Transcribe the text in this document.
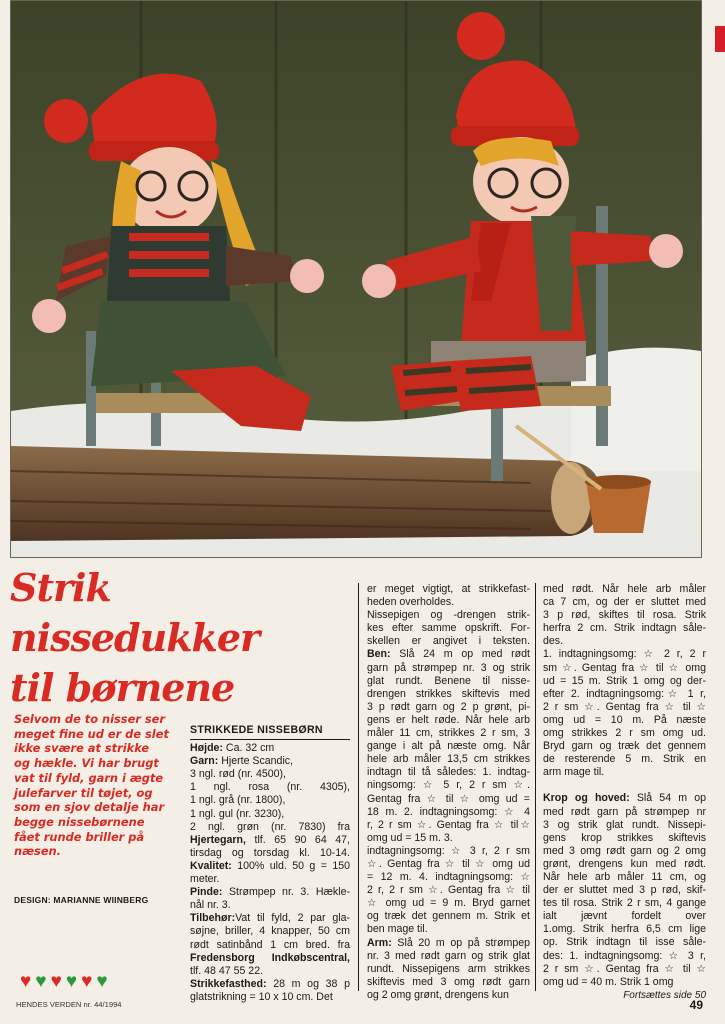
Strik nissedukker
til børnene

Selvom de to nisser ser
meget fine ud er de slet
ikke svære at strikke
og hækle. Vi har brugt
vat til fyld, garn i ægte
julefarver til tøjet, og
som en sjov detalje har
begge nissebørnene
fået runde briller på
næsen.

DESIGN: MARIANNE WIINBERG

♥ ♥ ♥ ♥ ♥ ♥
STRIKKEDE NISSEBØRN
Højde: Ca. 32 cm
Garn: Hjerte Scandic,
3 ngl. rød (nr. 4500),
1 ngl. rosa (nr. 4305),
1 ngl. grå (nr. 1800),
1 ngl. gul (nr. 3230),
2 ngl. grøn (nr. 7830) fra
Hjertegarn, tlf. 65 90 64 47,
tirsdag og torsdag kl. 10-14.
Kvalitet: 100% uld. 50 g = 150
meter.
Pinde: Strømpep nr. 3. Hækle-
nål nr. 3.
Tilbehør:Vat til fyld, 2 par gla-
søjne, briller, 4 knapper, 50 cm
rødt satinbånd 1 cm bred. fra
Fredensborg Indkøbscentral,
tlf. 48 47 55 22.
Strikkefasthed: 28 m og 38 p
glatstrikning = 10 x 10 cm. Det
er meget vigtigt, at strikkefast-
heden overholdes.
Nissepigen og -drengen strik-
kes efter samme opskrift. For-
skellen er angivet i teksten.
Ben: Slå 24 m op med rødt
garn på strømpep nr. 3 og strik
glat rundt. Benene til nisse-
drengen strikkes skiftevis med
3 p rødt garn og 2 p grønt, pi-
gens er helt røde. Når hele arb
måler 11 cm, strikkes 2 r sm, 3
gange i alt på næste omg. Når
hele arb måler 13,5 cm strikkes
indtagn til tå således: 1. indtag-
ningsomg: ☆ 5 r, 2 r sm ☆.
Gentag fra ☆ til ☆ omg ud =
18 m. 2. indtagningsomg: ☆ 4
r, 2 r sm ☆. Gentag fra ☆ til☆
omg ud = 15 m. 3.
indtagningsomg: ☆ 3 r, 2 r sm
☆. Gentag fra ☆ til ☆ omg ud
= 12 m. 4. indtagningsomg: ☆
2 r, 2 r sm ☆. Gentag fra ☆ til
☆ omg ud = 9 m. Bryd garnet
og træk det gennem m. Strik et
ben mage til.
Arm: Slå 20 m op på strømpep
nr. 3 med rødt garn og strik glat
rundt. Nissepigens arm strikkes
skiftevis med 3 omg rødt garn
og 2 omg grønt, drengens kun
med rødt. Når hele arb måler
ca 7 cm, og der er sluttet med
3 p rød, skiftes til rosa. Strik
herfra 2 cm. Strik indtagn såle-
des.
1. indtagningsomg: ☆ 2 r, 2 r
sm ☆. Gentag fra ☆ til ☆ omg
ud = 15 m. Strik 1 omg og der-
efter 2. indtagningsomg:☆ 1 r,
2 r sm ☆. Gentag fra ☆ til ☆
omg ud = 10 m. På næste
omg strikkes 2 r sm omg ud.
Bryd garn og træk det gennem
de resterende 5 m. Strik en
arm mage til.
Krop og hoved: Slå 54 m op
med rødt garn på strømpep nr
3 og strik glat rundt. Nissepi-
gens krop strikkes skiftevis
med 3 omg rødt garn og 2 omg
grønt, drengens kun med rødt.
Når hele arb måler 11 cm, og
der er sluttet med 3 p rød, skif-
tes til rosa. Strik 2 r sm, 4 gange
ialt jævnt fordelt over
1.omg. Strik herfra 6,5 cm lige
op. Strik indtagn til isse såle-
des: 1. indtagningsomg: ☆ 3 r,
2 r sm ☆. Gentag fra ☆ til ☆
omg ud = 40 m. Strik 1 omg
Fortsættes side 50
HENDES VERDEN nr. 44/1994	49
